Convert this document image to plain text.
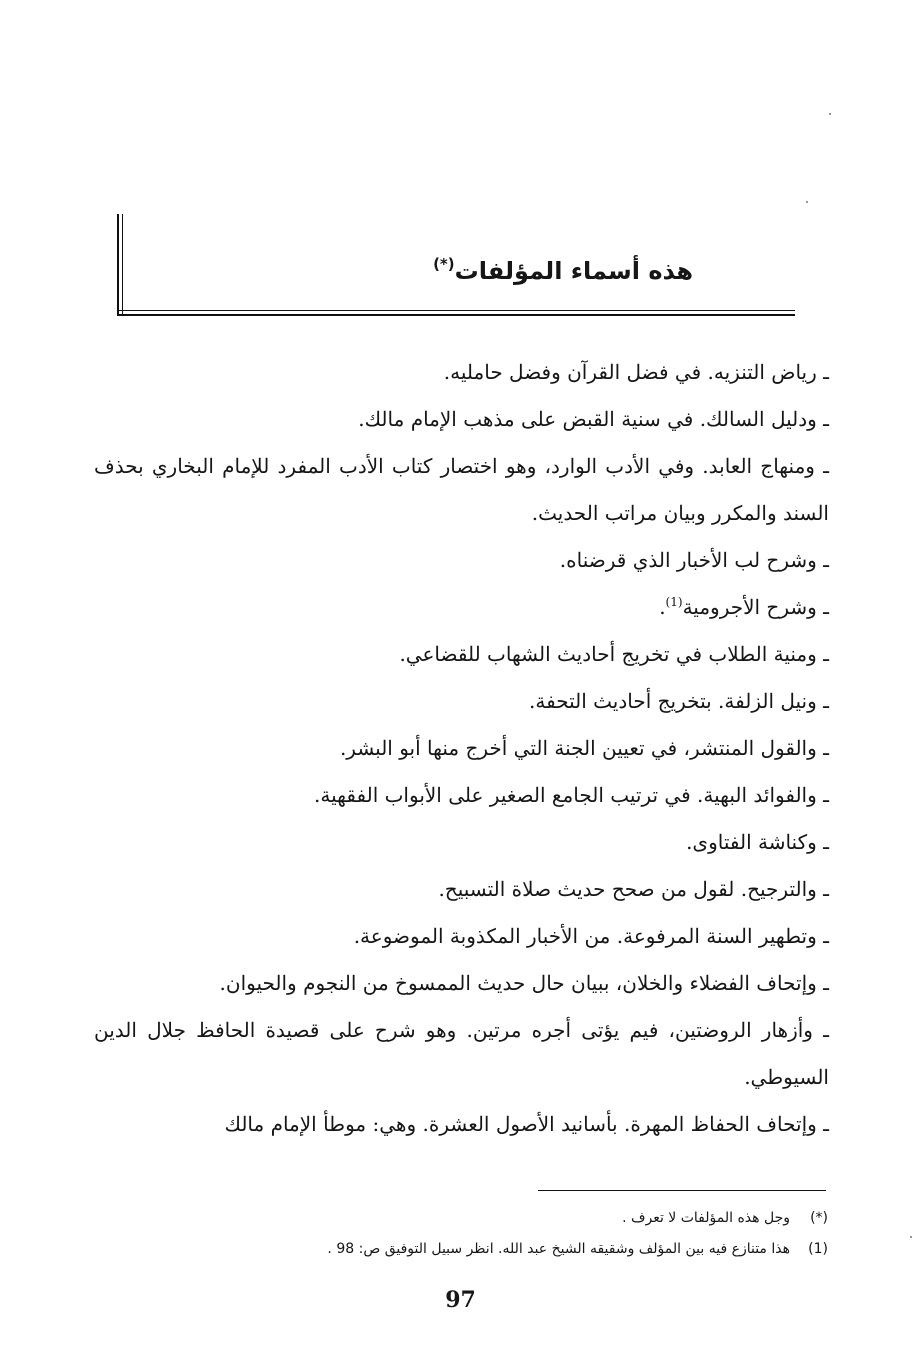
هذه أسماء المؤلفات(*)

ـ رياض التنزيه. في فضل القرآن وفضل حامليه.

ـ ودليل السالك. في سنية القبض على مذهب الإمام مالك.

ـ ومنهاج العابد. وفي الأدب الوارد، وهو اختصار كتاب الأدب المفرد للإمام البخاري بحذف السند والمكرر وبيان مراتب الحديث.

ـ وشرح لب الأخبار الذي قرضناه.

ـ وشرح الأجرومية$^{(1)}$.

ـ ومنية الطلاب في تخريج أحاديث الشهاب للقضاعي.

ـ ونيل الزلفة. بتخريج أحاديث التحفة.

ـ والقول المنتشر، في تعيين الجنة التي أخرج منها أبو البشر.

ـ والفوائد البهية. في ترتيب الجامع الصغير على الأبواب الفقهية.

ـ وكناشة الفتاوى.

ـ والترجيح. لقول من صحح حديث صلاة التسبيح.

ـ وتطهير السنة المرفوعة. من الأخبار المكذوبة الموضوعة.

ـ وإتحاف الفضلاء والخلان، ببيان حال حديث الممسوخ من النجوم والحيوان.

ـ وأزهار الروضتين، فيم يؤتى أجره مرتين. وهو شرح على قصيدة الحافظ جلال الدين السيوطي.

ـ وإتحاف الحفاظ المهرة. بأسانيد الأصول العشرة. وهي: موطأ الإمام مالك

(*)وجل هذه المؤلفات لا تعرف .

(1)هذا متنازع فيه بين المؤلف وشقيقه الشيخ عبد الله. انظر سبيل التوفيق ص: 98 .

97
